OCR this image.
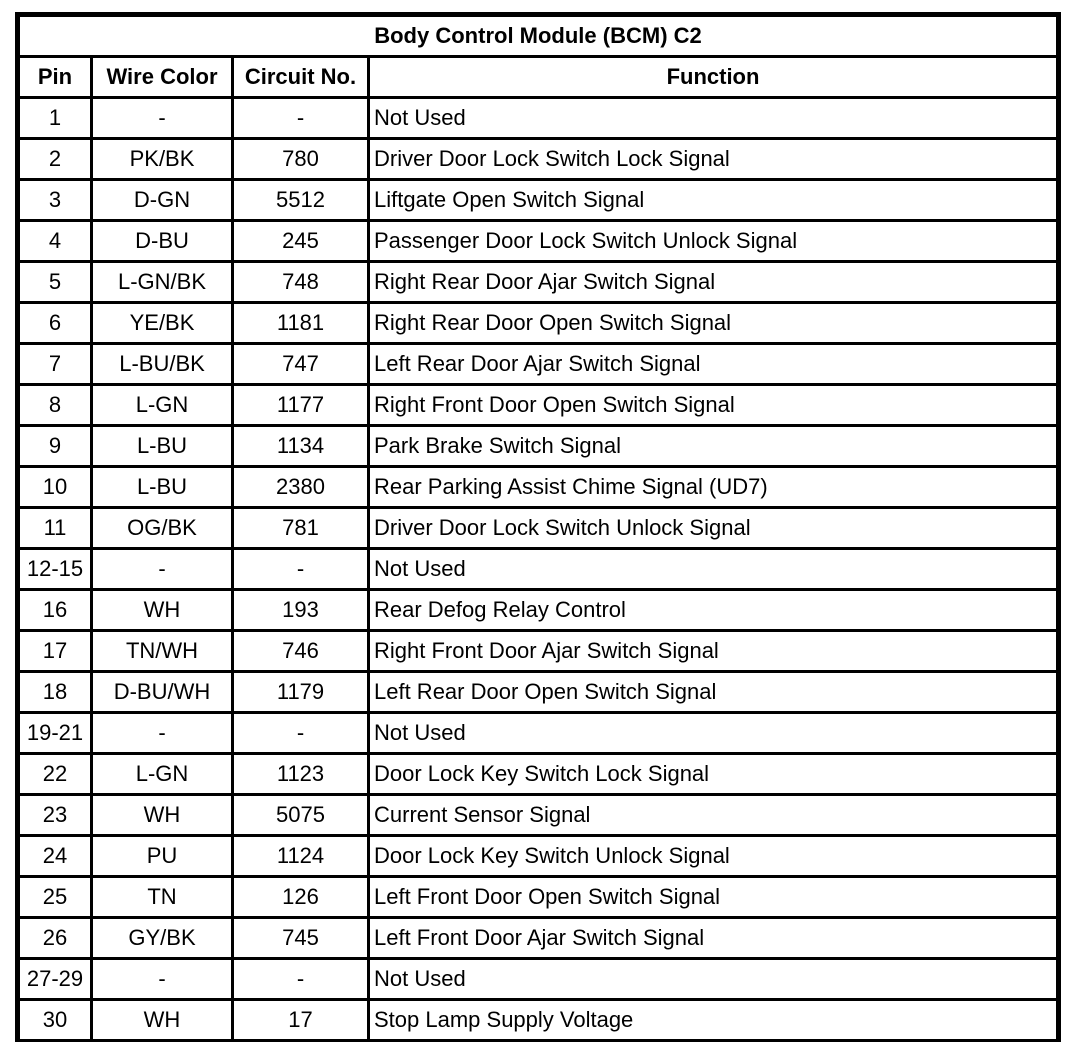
Body Control Module (BCM) C2			
Pin	Wire Color	Circuit No.	Function
1	-	-	Not Used
2	PK/BK	780	Driver Door Lock Switch Lock Signal
3	D-GN	5512	Liftgate Open Switch Signal
4	D-BU	245	Passenger Door Lock Switch Unlock Signal
5	L-GN/BK	748	Right Rear Door Ajar Switch Signal
6	YE/BK	1181	Right Rear Door Open Switch Signal
7	L-BU/BK	747	Left Rear Door Ajar Switch Signal
8	L-GN	1177	Right Front Door Open Switch Signal
9	L-BU	1134	Park Brake Switch Signal
10	L-BU	2380	Rear Parking Assist Chime Signal (UD7)
11	OG/BK	781	Driver Door Lock Switch Unlock Signal
12-15	-	-	Not Used
16	WH	193	Rear Defog Relay Control
17	TN/WH	746	Right Front Door Ajar Switch Signal
18	D-BU/WH	1179	Left Rear Door Open Switch Signal
19-21	-	-	Not Used
22	L-GN	1123	Door Lock Key Switch Lock Signal
23	WH	5075	Current Sensor Signal
24	PU	1124	Door Lock Key Switch Unlock Signal
25	TN	126	Left Front Door Open Switch Signal
26	GY/BK	745	Left Front Door Ajar Switch Signal
27-29	-	-	Not Used
30	WH	17	Stop Lamp Supply Voltage
